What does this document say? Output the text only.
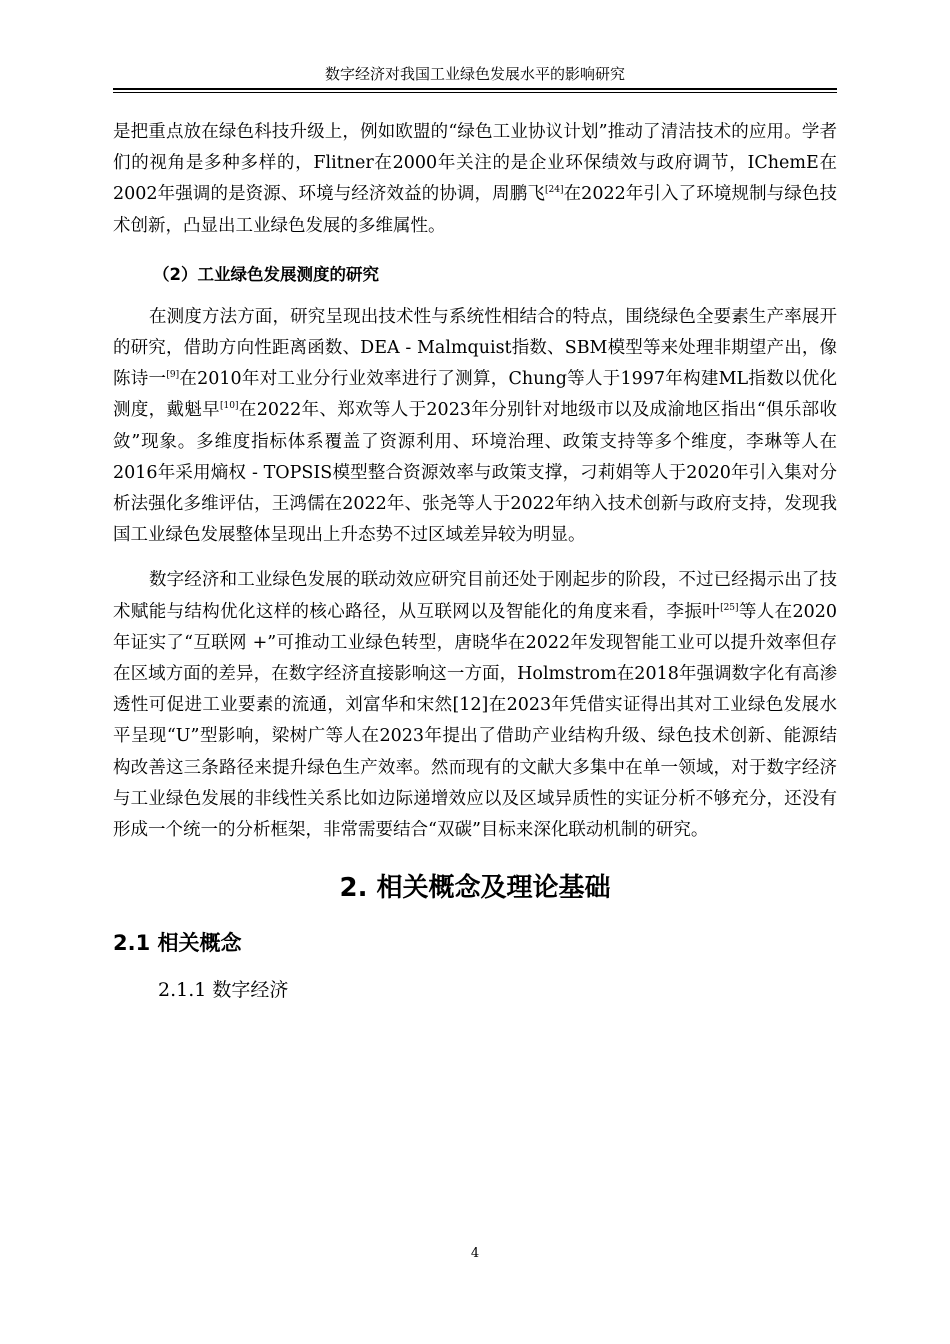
数字经济对我国工业绿色发展水平的影响研究

是把重点放在绿色科技升级上，例如欧盟的“绿色工业协议计划”推动了清洁技术的应用。学者们的视角是多种多样的，Flitner在2000年关注的是企业环保绩效与政府调节，IChemE在2002年强调的是资源、环境与经济效益的协调，周鹏飞[24]在2022年引入了环境规制与绿色技术创新，凸显出工业绿色发展的多维属性。

（2）工业绿色发展测度的研究

在测度方法方面，研究呈现出技术性与系统性相结合的特点，围绕绿色全要素生产率展开的研究，借助方向性距离函数、DEA - Malmquist指数、SBM模型等来处理非期望产出，像陈诗一[9]在2010年对工业分行业效率进行了测算，Chung等人于1997年构建ML指数以优化测度，戴魁早[10]在2022年、郑欢等人于2023年分别针对地级市以及成渝地区指出“俱乐部收敛”现象。多维度指标体系覆盖了资源利用、环境治理、政策支持等多个维度，李琳等人在2016年采用熵权 - TOPSIS模型整合资源效率与政策支撑，刁莉娟等人于2020年引入集对分析法强化多维评估，王鸿儒在2022年、张尧等人于2022年纳入技术创新与政府支持，发现我国工业绿色发展整体呈现出上升态势不过区域差异较为明显。

数字经济和工业绿色发展的联动效应研究目前还处于刚起步的阶段，不过已经揭示出了技术赋能与结构优化这样的核心路径，从互联网以及智能化的角度来看，李振叶[25]等人在2020年证实了“互联网 +”可推动工业绿色转型，唐晓华在2022年发现智能工业可以提升效率但存在区域方面的差异，在数字经济直接影响这一方面，Holmstrom在2018年强调数字化有高渗透性可促进工业要素的流通，刘富华和宋然[12]在2023年凭借实证得出其对工业绿色发展水平呈现“U”型影响，梁树广等人在2023年提出了借助产业结构升级、绿色技术创新、能源结构改善这三条路径来提升绿色生产效率。然而现有的文献大多集中在单一领域，对于数字经济与工业绿色发展的非线性关系比如边际递增效应以及区域异质性的实证分析不够充分，还没有形成一个统一的分析框架，非常需要结合“双碳”目标来深化联动机制的研究。

2. 相关概念及理论基础
2.1 相关概念
2.1.1 数字经济
4
